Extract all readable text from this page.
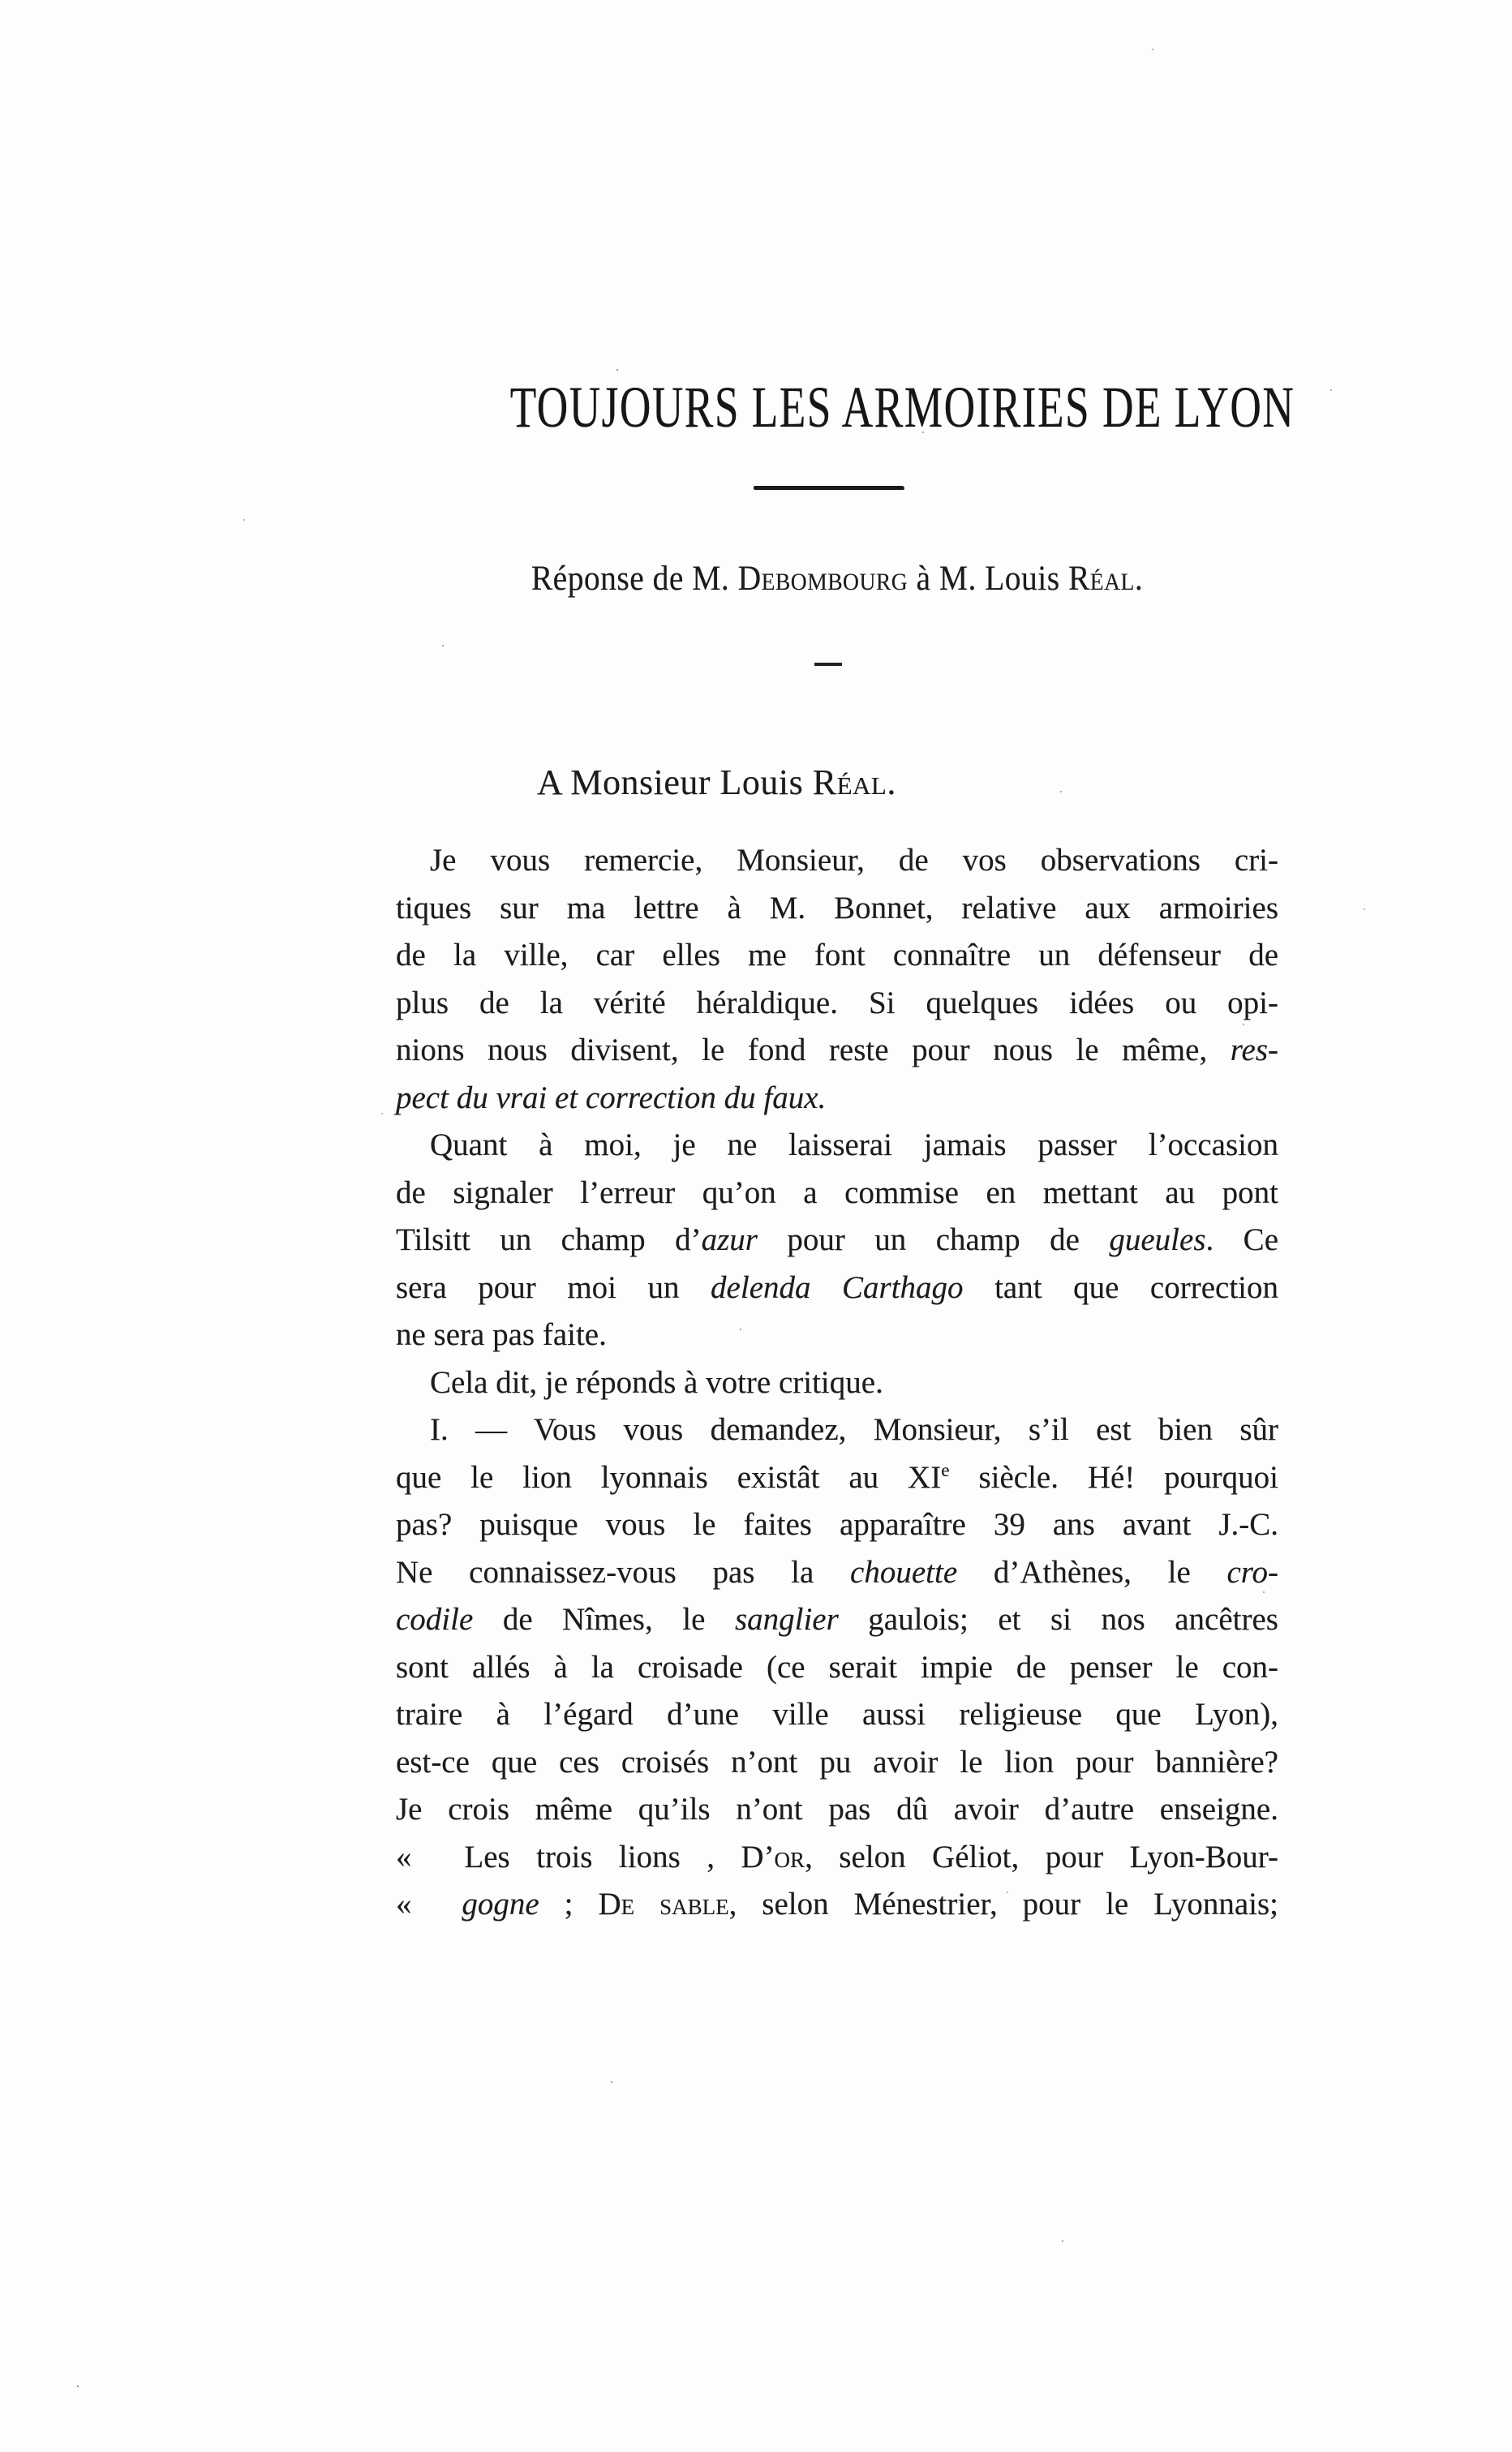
TOUJOURS LES ARMOIRIES DE LYON
Réponse de M. Debombourg à M. Louis Réal.
A Monsieur Louis Réal.
Je vous remercie, Monsieur, de vos observations cri-
tiques sur ma lettre à M. Bonnet, relative aux armoiries
de la ville, car elles me font connaître un défenseur de
plus de la vérité héraldique. Si quelques idées ou opi-
nions nous divisent, le fond reste pour nous le même, res-
pect du vrai et correction du faux.
Quant à moi, je ne laisserai jamais passer l’occasion
de signaler l’erreur qu’on a commise en mettant au pont
Tilsitt un champ d’azur pour un champ de gueules. Ce
sera pour moi un delenda Carthago tant que correction
ne sera pas faite.
Cela dit, je réponds à votre critique.
I. — Vous vous demandez, Monsieur, s’il est bien sûr
que le lion lyonnais existât au XIe siècle. Hé! pourquoi
pas? puisque vous le faites apparaître 39 ans avant J.-C.
Ne connaissez-vous pas la chouette d’Athènes, le cro-
codile de Nîmes, le sanglier gaulois; et si nos ancêtres
sont allés à la croisade (ce serait impie de penser le con-
traire à l’égard d’une ville aussi religieuse que Lyon),
est-ce que ces croisés n’ont pu avoir le lion pour bannière?
Je crois même qu’ils n’ont pas dû avoir d’autre enseigne.
«  Les trois lions , D’or, selon Géliot, pour Lyon-Bour-
«  gogne ; De sable, selon Ménestrier, pour le Lyonnais;
